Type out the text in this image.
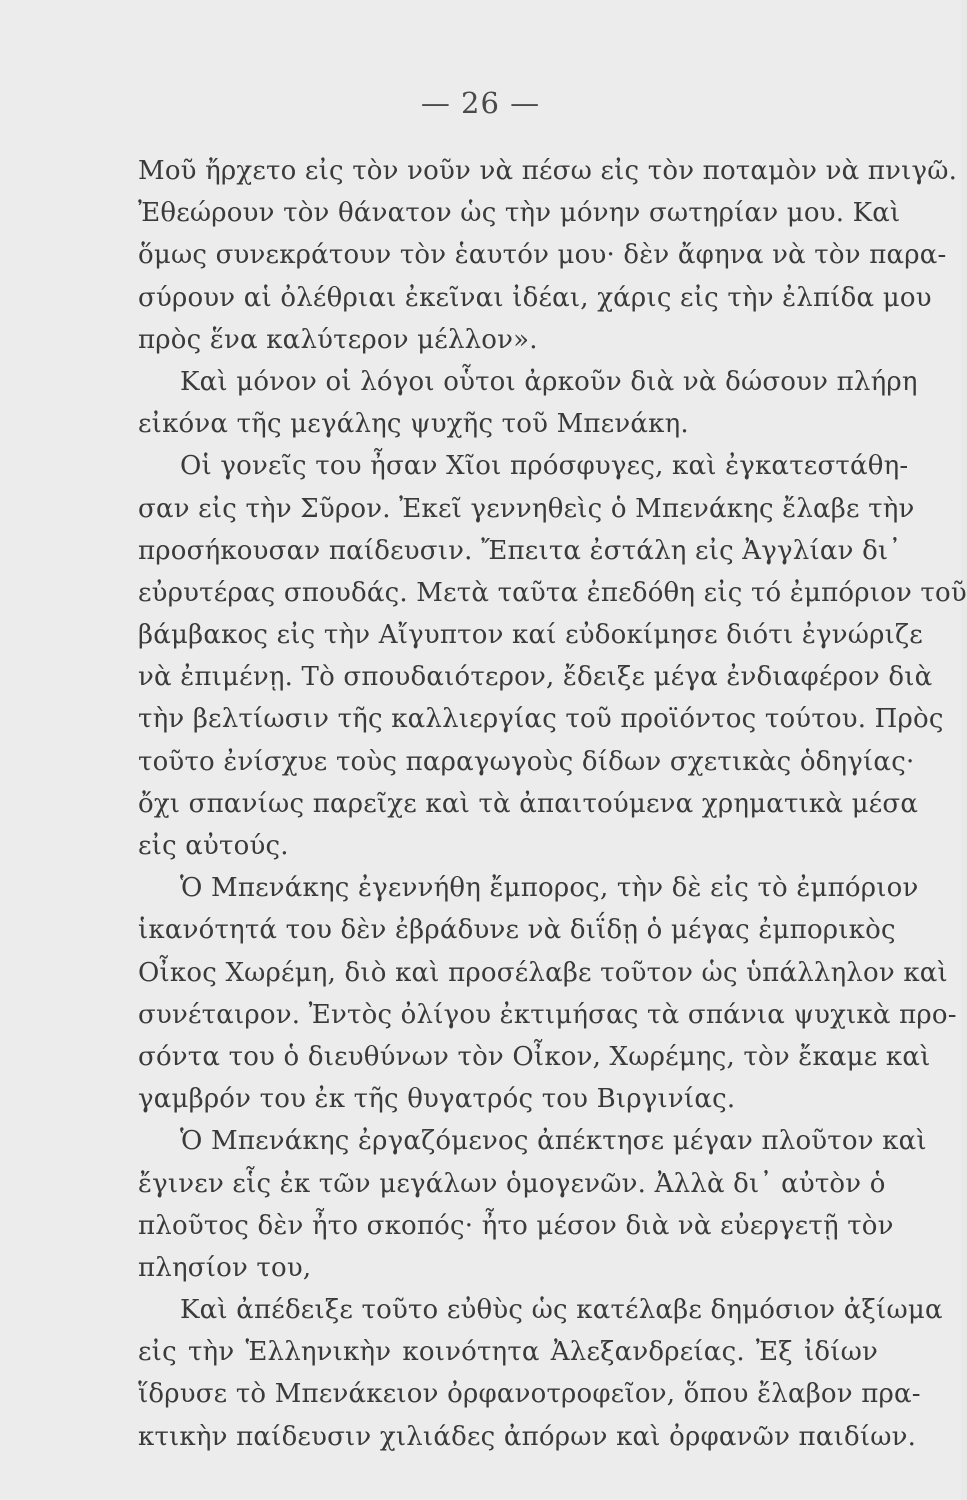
— 26 —
Μοῦ ἤρχετο εἰς τὸν νοῦν νὰ πέσω εἰς τὸν ποταμὸν νὰ πνιγῶ.
Ἐθεώρουν τὸν θάνατον ὡς τὴν μόνην σωτηρίαν μου. Καὶ
ὅμως συνεκράτουν τὸν ἑαυτόν μου· δὲν ἄφηνα νὰ τὸν παρα-
σύρουν αἱ ὀλέθριαι ἐκεῖναι ἰδέαι, χάρις εἰς τὴν ἐλπίδα μου
πρὸς ἕνα καλύτερον μέλλον».
Καὶ μόνον οἱ λόγοι οὗτοι ἀρκοῦν διὰ νὰ δώσουν πλήρη
εἰκόνα τῆς μεγάλης ψυχῆς τοῦ Μπενάκη.
Οἱ γονεῖς του ἦσαν Χῖοι πρόσφυγες, καὶ ἐγκατεστάθη-
σαν εἰς τὴν Σῦρον. Ἐκεῖ γεννηθεὶς ὁ Μπενάκης ἔλαβε τὴν
προσήκουσαν παίδευσιν. Ἔπειτα ἐστάλη εἰς Ἀγγλίαν δι᾽
εὐρυτέρας σπουδάς. Μετὰ ταῦτα ἐπεδόθη εἰς τό ἐμπόριον τοῦ
βάμβακος εἰς τὴν Αἴγυπτον καί εὐδοκίμησε διότι ἐγνώριζε
νὰ ἐπιμένῃ. Τὸ σπουδαιότερον, ἔδειξε μέγα ἐνδιαφέρον διὰ
τὴν βελτίωσιν τῆς καλλιεργίας τοῦ προϊόντος τούτου. Πρὸς
τοῦτο ἐνίσχυε τοὺς παραγωγοὺς δίδων σχετικὰς ὁδηγίας·
ὄχι σπανίως παρεῖχε καὶ τὰ ἀπαιτούμενα χρηματικὰ μέσα
εἰς αὐτούς.
Ὁ Μπενάκης ἐγεννήθη ἔμπορος, τὴν δὲ εἰς τὸ ἐμπόριον
ἱκανότητά του δὲν ἐβράδυνε νὰ διΐδῃ ὁ μέγας ἐμπορικὸς
Οἶκος Χωρέμη, διὸ καὶ προσέλαβε τοῦτον ὡς ὑπάλληλον καὶ
συνέταιρον. Ἐντὸς ὀλίγου ἐκτιμήσας τὰ σπάνια ψυχικὰ προ-
σόντα του ὁ διευθύνων τὸν Οἶκον, Χωρέμης, τὸν ἔκαμε καὶ
γαμβρόν του ἐκ τῆς θυγατρός του Βιργινίας.
Ὁ Μπενάκης ἐργαζόμενος ἀπέκτησε μέγαν πλοῦτον καὶ
ἔγινεν εἷς ἐκ τῶν μεγάλων ὁμογενῶν. Ἀλλὰ δι᾽ αὐτὸν ὁ
πλοῦτος δὲν ἦτο σκοπός· ἦτο μέσον διὰ νὰ εὐεργετῇ τὸν
πλησίον του,
Καὶ ἀπέδειξε τοῦτο εὐθὺς ὡς κατέλαβε δημόσιον ἀξίωμα
εἰς τὴν Ἑλληνικὴν κοινότητα Ἀλεξανδρείας. Ἐξ ἰδίων
ἵδρυσε τὸ Μπενάκειον ὀρφανοτροφεῖον, ὅπου ἔλαβον πρα-
κτικὴν παίδευσιν χιλιάδες ἀπόρων καὶ ὀρφανῶν παιδίων.
